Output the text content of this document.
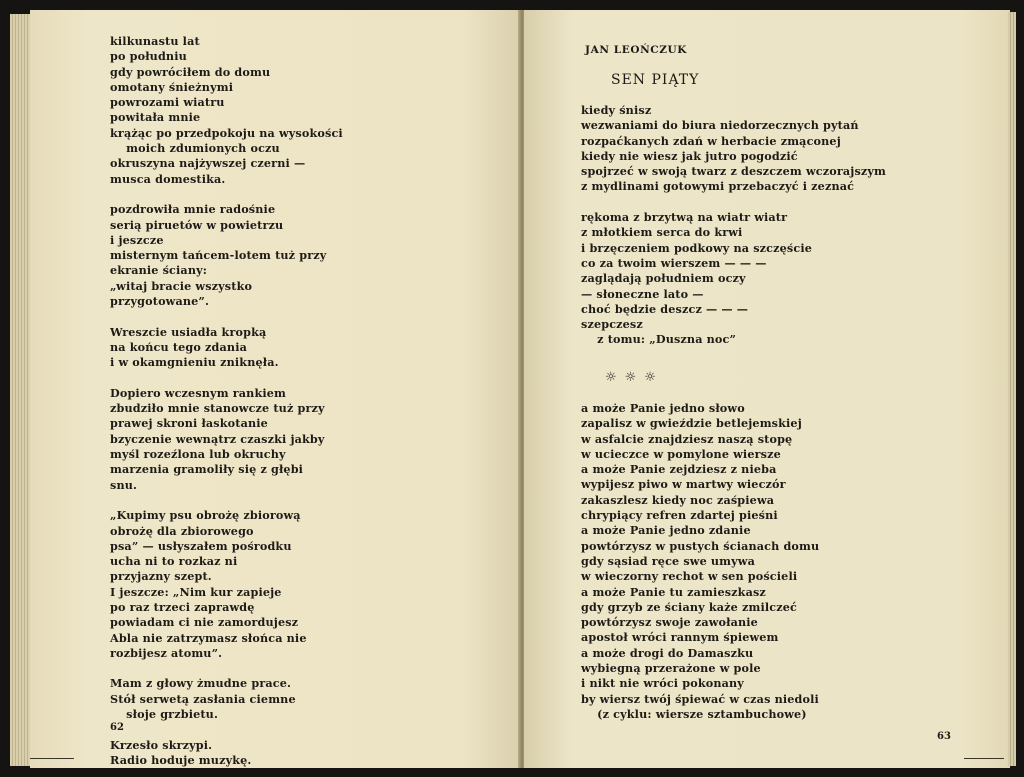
kilkunastu lat
po południu
gdy powróciłem do domu
omotany śnieżnymi
powrozami wiatru
powitała mnie
krążąc po przedpokoju na wysokości
moich zdumionych oczu
okruszyna najżywszej czerni —
musca domestika.

pozdrowiła mnie radośnie
serią piruetów w powietrzu
i jeszcze
misternym tańcem-lotem tuż przy
ekranie ściany:
„witaj bracie wszystko
przygotowane”.

Wreszcie usiadła kropką
na końcu tego zdania
i w okamgnieniu zniknęła.

Dopiero wczesnym rankiem
zbudziło mnie stanowcze tuż przy
prawej skroni łaskotanie
bzyczenie wewnątrz czaszki jakby
myśl rozeźlona lub okruchy
marzenia gramoliły się z głębi
snu.

„Kupimy psu obrożę zbiorową
obrożę dla zbiorowego
psa” — usłyszałem pośrodku
ucha ni to rozkaz ni
przyjazny szept.
I jeszcze: „Nim kur zapieje
po raz trzeci zaprawdę
powiadam ci nie zamordujesz
Abla nie zatrzymasz słońca nie
rozbijesz atomu”.

Mam z głowy żmudne prace.
Stół serwetą zasłania ciemne
słoje grzbietu.

Krzesło skrzypi.
Radio hoduje muzykę.
62
JAN LEOŃCZUK
SEN PIĄTY
kiedy śnisz
wezwaniami do biura niedorzecznych pytań
rozpaćkanych zdań w herbacie zmąconej
kiedy nie wiesz jak jutro pogodzić
spojrzeć w swoją twarz z deszczem wczorajszym
z mydlinami gotowymi przebaczyć i zeznać

rękoma z brzytwą na wiatr wiatr
z młotkiem serca do krwi
i brzęczeniem podkowy na szczęście
co za twoim wierszem — — —
zaglądają południem oczy
— słoneczne lato —
choć będzie deszcz — — —
szepczesz
z tomu: „Duszna noc”
☼☼☼
a może Panie jedno słowo
zapalisz w gwieździe betlejemskiej
w asfalcie znajdziesz naszą stopę
w ucieczce w pomylone wiersze
a może Panie zejdziesz z nieba
wypijesz piwo w martwy wieczór
zakaszlesz kiedy noc zaśpiewa
chrypiący refren zdartej pieśni
a może Panie jedno zdanie
powtórzysz w pustych ścianach domu
gdy sąsiad ręce swe umywa
w wieczorny rechot w sen pościeli
a może Panie tu zamieszkasz
gdy grzyb ze ściany każe zmilczeć
powtórzysz swoje zawołanie
apostoł wróci rannym śpiewem
a może drogi do Damaszku
wybiegną przerażone w pole
i nikt nie wróci pokonany
by wiersz twój śpiewać w czas niedoli
(z cyklu: wiersze sztambuchowe)
63
